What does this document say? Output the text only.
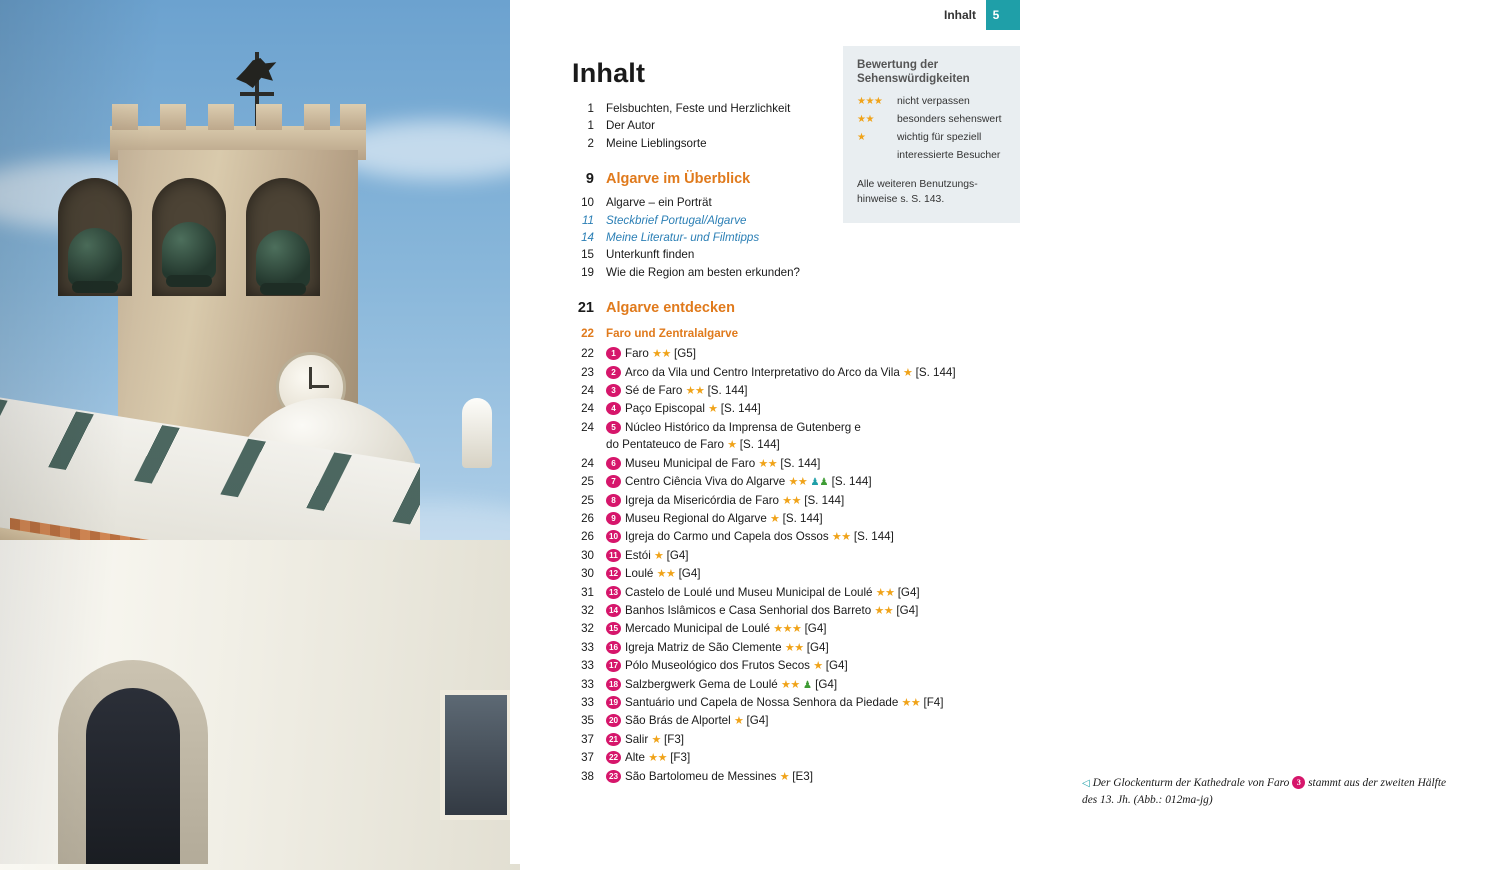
Inhalt	5
Inhalt	Bewertung der
Sehenswürdigkeiten
★★★	nicht verpassen
★★	besonders sehenswert
★	wichtig für speziell
interessierte Besucher
Alle weiteren Benutzungs-
hinweise s. S. 143.
1	Felsbuchten, Feste und Herzlichkeit
1	Der Autor
2	Meine Lieblingsorte
9 Algarve im Überblick
10	Algarve – ein Porträt
11	Steckbrief Portugal/Algarve
14	Meine Literatur- und Filmtipps
15	Unterkunft finden
19	Wie die Region am besten erkunden?
21 Algarve entdecken
22	Faro und Zentralalgarve
22	1 Faro ★★ [G5]
23	2 Arco da Vila und Centro Interpretativo do Arco da Vila ★ [S. 144]
24	3 Sé de Faro ★★ [S. 144]
24	4 Paço Episcopal ★ [S. 144]
24	5 Núcleo Histórico da Imprensa de Gutenberg e
do Pentateuco de Faro ★ [S. 144]
24	6 Museu Municipal de Faro ★★ [S. 144]
25	7 Centro Ciência Viva do Algarve ★★ ♟♟ [S. 144]
25	8 Igreja da Misericórdia de Faro ★★ [S. 144]
26	9 Museu Regional do Algarve ★ [S. 144]
26	10 Igreja do Carmo und Capela dos Ossos ★★ [S. 144]
30	11 Estói ★ [G4]
30	12 Loulé ★★ [G4]
31	13 Castelo de Loulé und Museu Municipal de Loulé ★★ [G4]
32	14 Banhos Islâmicos e Casa Senhorial dos Barreto ★★ [G4]
32	15 Mercado Municipal de Loulé ★★★ [G4]
33	16 Igreja Matriz de São Clemente ★★ [G4]
33	17 Pólo Museológico dos Frutos Secos ★ [G4]
33	18 Salzbergwerk Gema de Loulé ★★ ♟ [G4]
33	19 Santuário und Capela de Nossa Senhora da Piedade ★★ [F4]
35	20 São Brás de Alportel ★ [G4]
37	21 Salir ★ [F3]
37	22 Alte ★★ [F3]
38	23 São Bartolomeu de Messines ★ [E3]
◁ Der Glockenturm der Kathedrale von Faro 3 stammt aus der zweiten Hälfte
des 13. Jh. (Abb.: 012ma-jg)
